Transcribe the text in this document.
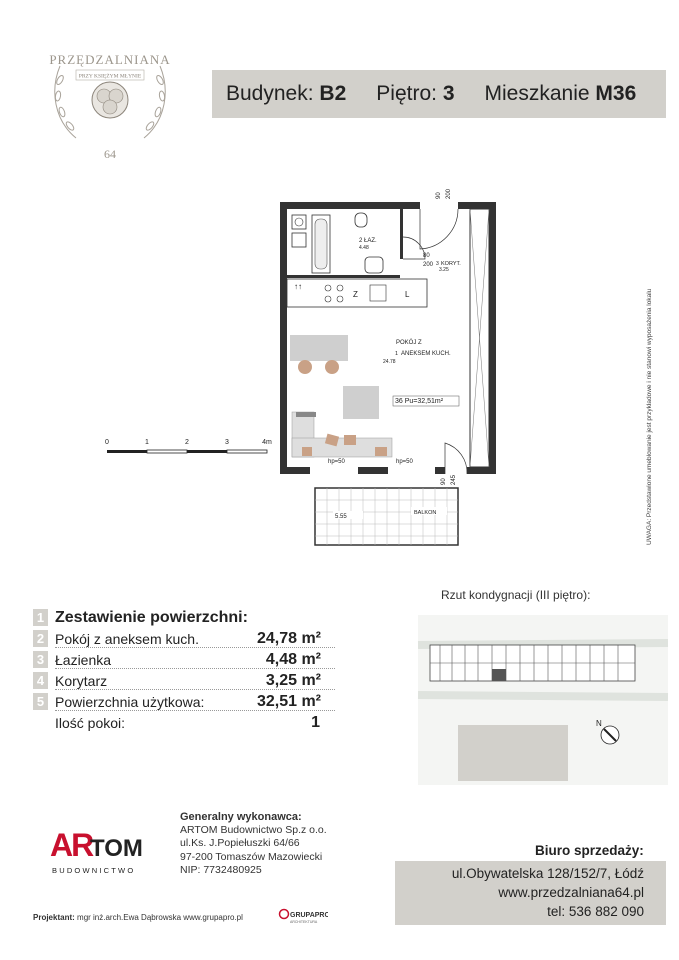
PRZĘDZALNIANA
PRZY KSIĘŻYM MŁYNIE
64
Budynek: B2 Piętro: 3 Mieszkanie M36
0	1	2	3	4m
2 ŁAZ.
4.48
90 200
80
200 3 KORYT.
3.25
Z	L
↑↑
1
POKÓJ Z
ANEKSEM KUCH.
24.78
36 Pu=32,51m²
hp=50	hp=50
90 245
5.55
BALKON	UWAGA: Przedstawione umeblowanie jest przykładowe i nie stanowi wyposażenia lokalu
Rzut kondygnacji (III piętro):
N
1 Zestawienie powierzchni:
2 Pokój z aneksem kuch.	24,78 m²
3 Łazienka	4,48 m²
4 Korytarz	3,25 m²
5 Powierzchnia użytkowa:	32,51 m²
Ilość pokoi:	1
AR
TOM
BUDOWNICTWO
Generalny wykonawca:
ARTOM Budownictwo Sp.z o.o.
ul.Ks. J.Popiełuszki 64/66
97-200 Tomaszów Mazowiecki
NIP: 7732480925
Biuro sprzedaży:
ul.Obywatelska 128/152/7, Łódź
www.przedzalniana64.pl
tel: 536 882 090
Projektant: mgr inż.arch.Ewa Dąbrowska www.grupapro.pl	GRUPAPRO
ARCHITEKTURA
